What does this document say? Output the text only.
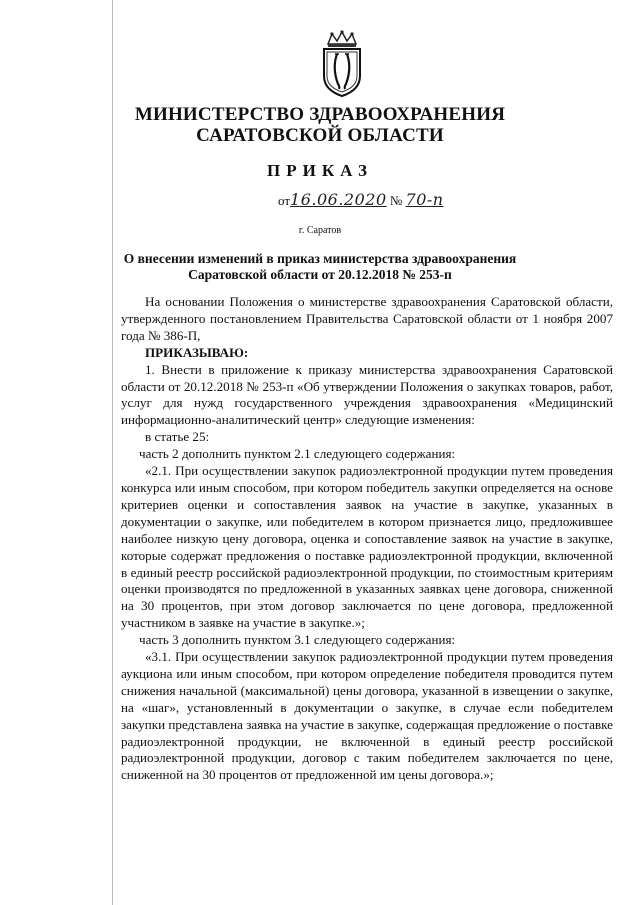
МИНИСТЕРСТВО ЗДРАВООХРАНЕНИЯ
САРАТОВСКОЙ ОБЛАСТИ
ПРИКАЗ
от16.06.2020 № 70-п
г. Саратов
О внесении изменений в приказ министерства здравоохранения
Саратовской области от 20.12.2018 № 253-п

На основании Положения о министерстве здравоохранения Саратовской области, утвержденного постановлением Правительства Саратовской области от 1 ноября 2007 года № 386-П,

ПРИКАЗЫВАЮ:

1. Внести в приложение к приказу министерства здравоохранения Саратовской области от 20.12.2018 № 253-п «Об утверждении Положения о закупках товаров, работ, услуг для нужд государственного учреждения здравоохранения «Медицинский информационно-аналитический центр» следующие изменения:

в статье 25:

часть 2 дополнить пунктом 2.1 следующего содержания:

«2.1. При осуществлении закупок радиоэлектронной продукции путем проведения конкурса или иным способом, при котором победитель закупки определяется на основе критериев оценки и сопоставления заявок на участие в закупке, указанных в документации о закупке, или победителем в котором признается лицо, предложившее наиболее низкую цену договора, оценка и сопоставление заявок на участие в закупке, которые содержат предложения о поставке радиоэлектронной продукции, включенной в единый реестр российской радиоэлектронной продукции, по стоимостным критериям оценки производятся по предложенной в указанных заявках цене договора, сниженной на 30 процентов, при этом договор заключается по цене договора, предложенной участником в заявке на участие в закупке.»;

часть 3 дополнить пунктом 3.1 следующего содержания:

«3.1. При осуществлении закупок радиоэлектронной продукции путем проведения аукциона или иным способом, при котором определение победителя проводится путем снижения начальной (максимальной) цены договора, указанной в извещении о закупке, на «шаг», установленный в документации о закупке, в случае если победителем закупки представлена заявка на участие в закупке, содержащая предложение о поставке радиоэлектронной продукции, не включенной в единый реестр российской радиоэлектронной продукции, договор с таким победителем заключается по цене, сниженной на 30 процентов от предложенной им цены договора.»;
